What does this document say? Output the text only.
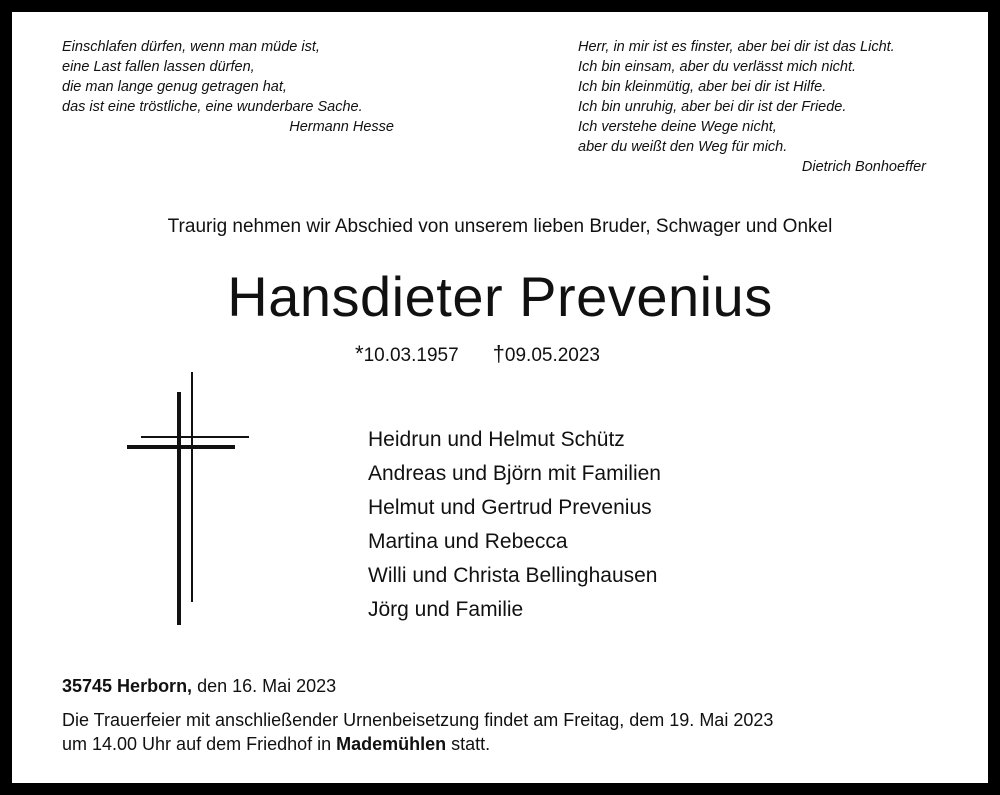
Einschlafen dürfen, wenn man müde ist,
eine Last fallen lassen dürfen,
die man lange genug getragen hat,
das ist eine tröstliche, eine wunderbare Sache.
Hermann Hesse
Herr, in mir ist es finster, aber bei dir ist das Licht.
Ich bin einsam, aber du verlässt mich nicht.
Ich bin kleinmütig, aber bei dir ist Hilfe.
Ich bin unruhig, aber bei dir ist der Friede.
Ich verstehe deine Wege nicht,
aber du weißt den Weg für mich.
Dietrich Bonhoeffer
Traurig nehmen wir Abschied von unserem lieben Bruder, Schwager und Onkel
Hansdieter Prevenius
*10.03.1957 †09.05.2023
Heidrun und Helmut Schütz
Andreas und Björn mit Familien
Helmut und Gertrud Prevenius
Martina und Rebecca
Willi und Christa Bellinghausen
Jörg und Familie
35745 Herborn, den 16. Mai 2023
Die Trauerfeier mit anschließender Urnenbeisetzung findet am Freitag, dem 19. Mai 2023
um 14.00 Uhr auf dem Friedhof in Mademühlen statt.
